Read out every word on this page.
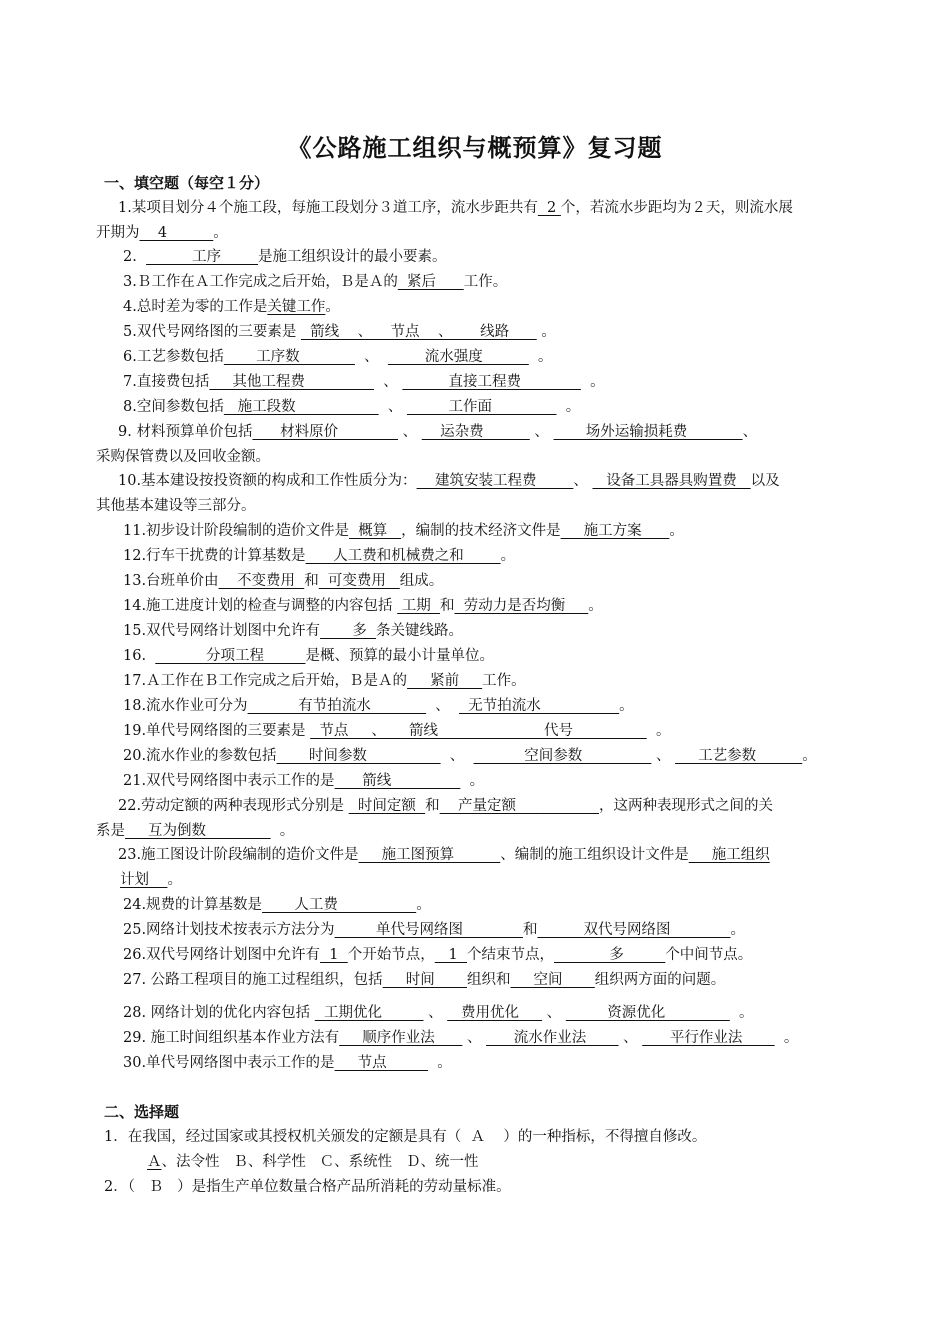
《公路施工组织与概预算》复习题
一、填空题（每空１分）
1.某项目划分４个施工段，每施工段划分３道工序，流水步距共有  2 个，若流水步距均为２天，则流水展
开期为    4          。
2.            工序        是施工组织设计的最小要素。
3.Ｂ工作在Ａ工作完成之后开始，Ｂ是Ａ的  紧后      工作。
4.总时差为零的工作是关键工作。
5.双代号网络图的三要素是   箭线    、    节点    、      线路       。
6.工艺参数包括       工序数              、          流水强度            。
7.直接费包括     其他工程费                 、           直接工程费               。
8.空间参数包括   施工段数                    、          工作面                。
9. 材料预算单价包括      材料原价              、     运杂费           、        场外运输损耗费            、
采购保管费以及回收金额。
10.基本建设按投资额的构成和工作性质分为：    建筑安装工程费        、    设备工具器具购置费   以及
其他基本建设等三部分。
11.初步设计阶段编制的造价文件是  概算   ，编制的技术经济文件是     施工方案      。
12.行车干扰费的计算基数是      人工费和机械费之和        。
13.台班单价由    不变费用  和  可变费用   组成。
14.施工进度计划的检查与调整的内容包括  工期  和  劳动力是否均衡     。
15.双代号网络计划图中允许有       多  条关键线路。
16.             分项工程         是概、预算的最小计量单位。
17.Ａ工作在Ｂ工作完成之后开始，Ｂ是Ａ的     紧前     工作。
18.流水作业可分为           有节拍流水              、    无节拍流水                 。
19.单代号网络图的三要素是   节点     、     箭线                       代号                  。
20.流水作业的参数包括       时间参数                  、             空间参数                、      工艺参数          。
21.双代号网络图中表示工作的是      箭线                 。
22.劳动定额的两种表现形式分别是   时间定额  和    产量定额	，这两种表现形式之间的关
系是     互为倒数                。
23.施工图设计阶段编制的造价文件是     施工图预算          、编制的施工组织设计文件是     施工组织
计划    。
24.规费的计算基数是       人工费                 。
25.网络计划技术按表示方法分为         单代号网络图             和          双代号网络图             。
26.双代号网络计划图中允许有  1  个开始节点，   1  个结束节点，            多         个中间节点。
27. 公路工程项目的施工过程组织，包括     时间       组织和     空间       组织两方面的问题。
28. 网络计划的优化内容包括   工期优化          、    费用优化      、          资源优化                。
29. 施工时间组织基本作业方法有     顺序作业法       、       流水作业法        、       平行作业法         。
30.单代号网络图中表示工作的是     节点           。
二、选择题
1．在我国，经过国家或其授权机关颁发的定额是具有（  Ａ    ）的一种指标，不得擅自修改。
Ａ、法令性   Ｂ、科学性   Ｃ、系统性   Ｄ、统一性
2．（   Ｂ   ）是指生产单位数量合格产品所消耗的劳动量标准。
